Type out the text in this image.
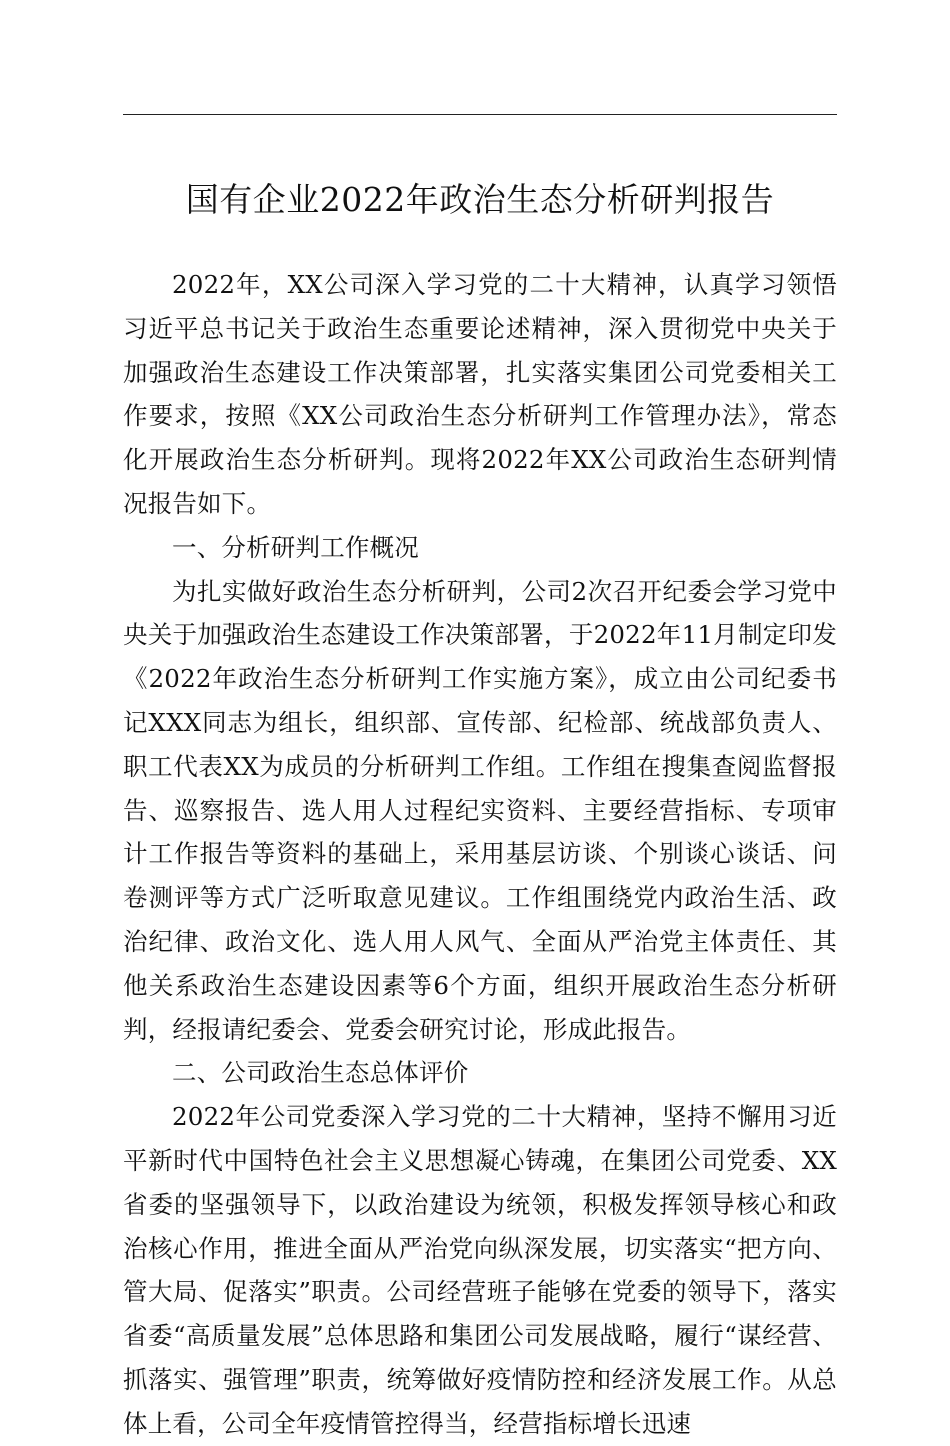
国有企业2022年政治生态分析研判报告

2022年，XX公司深入学习党的二十大精神，认真学习领悟习近平总书记关于政治生态重要论述精神，深入贯彻党中央关于加强政治生态建设工作决策部署，扎实落实集团公司党委相关工作要求，按照《XX公司政治生态分析研判工作管理办法》，常态化开展政治生态分析研判。现将2022年XX公司政治生态研判情况报告如下。

一、分析研判工作概况

为扎实做好政治生态分析研判，公司2次召开纪委会学习党中央关于加强政治生态建设工作决策部署，于2022年11月制定印发《2022年政治生态分析研判工作实施方案》，成立由公司纪委书记XXX同志为组长，组织部、宣传部、纪检部、统战部负责人、职工代表XX为成员的分析研判工作组。工作组在搜集查阅监督报告、巡察报告、选人用人过程纪实资料、主要经营指标、专项审计工作报告等资料的基础上，采用基层访谈、个别谈心谈话、问卷测评等方式广泛听取意见建议。工作组围绕党内政治生活、政治纪律、政治文化、选人用人风气、全面从严治党主体责任、其他关系政治生态建设因素等6个方面，组织开展政治生态分析研判，经报请纪委会、党委会研究讨论，形成此报告。

二、公司政治生态总体评价

2022年公司党委深入学习党的二十大精神，坚持不懈用习近平新时代中国特色社会主义思想凝心铸魂，在集团公司党委、XX省委的坚强领导下，以政治建设为统领，积极发挥领导核心和政治核心作用，推进全面从严治党向纵深发展，切实落实“把方向、管大局、促落实”职责。公司经营班子能够在党委的领导下，落实省委“高质量发展”总体思路和集团公司发展战略，履行“谋经营、抓落实、强管理”职责，统筹做好疫情防控和经济发展工作。从总体上看，公司全年疫情管控得当，经营指标增长迅速
